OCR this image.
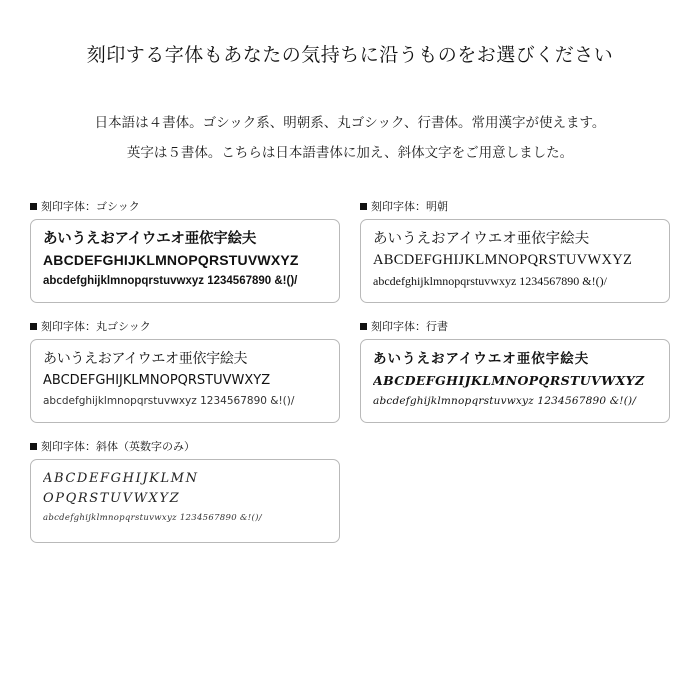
刻印する字体もあなたの気持ちに沿うものをお選びください
日本語は４書体。ゴシック系、明朝系、丸ゴシック、行書体。常用漢字が使えます。
英字は５書体。こちらは日本語書体に加え、斜体文字をご用意しました。
刻印字体：ゴシック
あいうえおアイウエオ亜依宇絵夫
ABCDEFGHIJKLMNOPQRSTUVWXYZ
abcdefghijklmnopqrstuvwxyz 1234567890 &!()/
刻印字体：明朝
あいうえおアイウエオ亜依宇絵夫
ABCDEFGHIJKLMNOPQRSTUVWXYZ
abcdefghijklmnopqrstuvwxyz 1234567890 &!()/
刻印字体：丸ゴシック
あいうえおアイウエオ亜依宇絵夫
ABCDEFGHIJKLMNOPQRSTUVWXYZ
abcdefghijklmnopqrstuvwxyz 1234567890 &!()/
刻印字体：行書
あいうえおアイウエオ亜依宇絵夫
ABCDEFGHIJKLMNOPQRSTUVWXYZ
abcdefghijklmnopqrstuvwxyz 1234567890 &!()/
刻印字体：斜体（英数字のみ）
ABCDEFGHIJKLMN
OPQRSTUVWXYZ
abcdefghijklmnopqrstuvwxyz 1234567890 &!()/
